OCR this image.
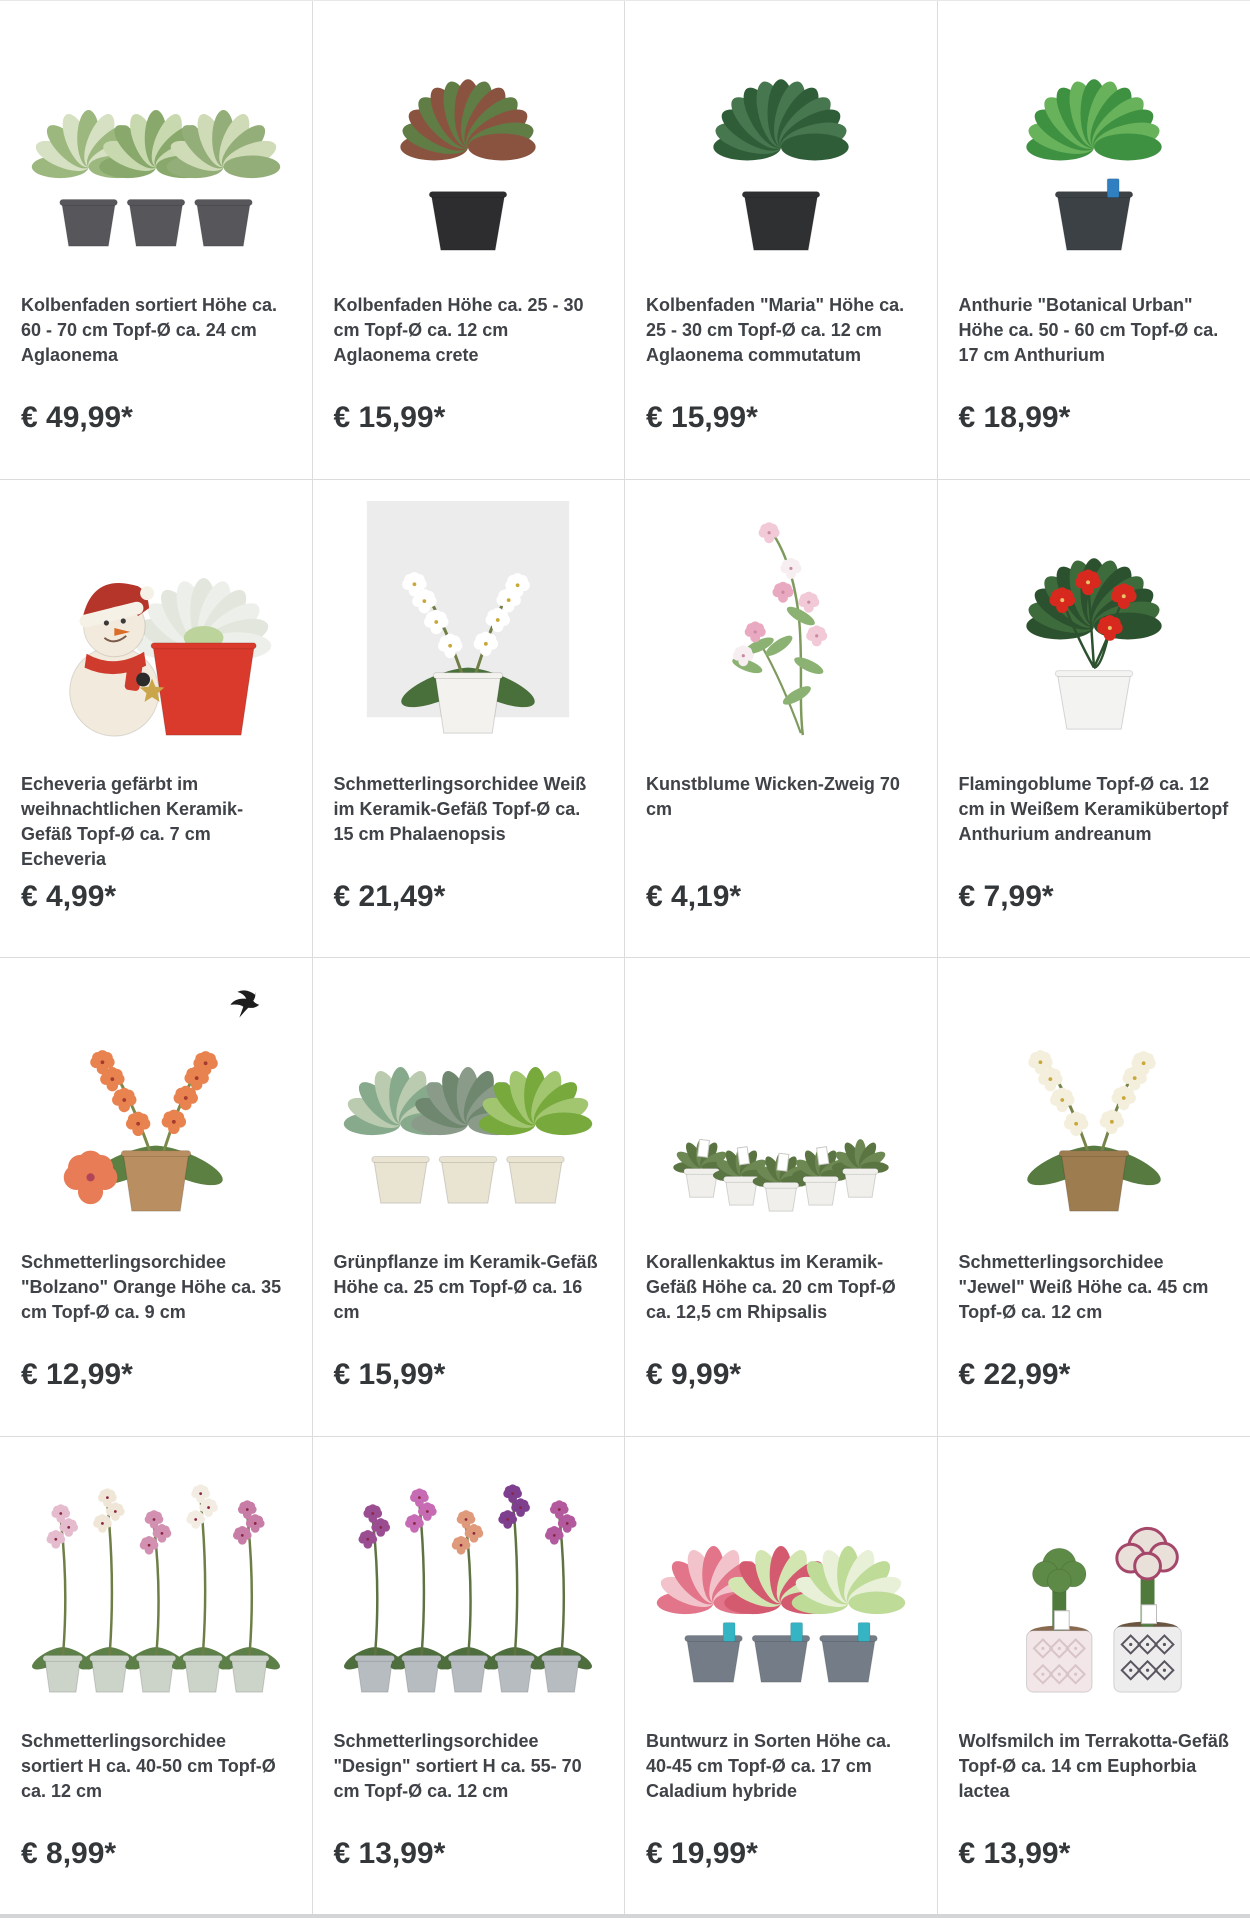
Kolbenfaden sortiert Höhe ca. 60 - 70 cm Topf-Ø ca. 24 cm Aglaonema
€ 49,99*
Kolbenfaden Höhe ca. 25 - 30 cm Topf-Ø ca. 12 cm Aglaonema crete
€ 15,99*
Kolbenfaden "Maria" Höhe ca. 25 - 30 cm Topf-Ø ca. 12 cm Aglaonema commutatum
€ 15,99*
Anthurie "Botanical Urban" Höhe ca. 50 - 60 cm Topf-Ø ca. 17 cm Anthurium
€ 18,99*
Echeveria gefärbt im weihnachtlichen Keramik-Gefäß Topf-Ø ca. 7 cm Echeveria
€ 4,99*
Schmetterlingsorchidee Weiß im Keramik-Gefäß Topf-Ø ca. 15 cm Phalaenopsis
€ 21,49*
Kunstblume Wicken-Zweig 70 cm
€ 4,19*
Flamingoblume Topf-Ø ca. 12 cm in Weißem Keramikübertopf Anthurium andreanum
€ 7,99*
Schmetterlingsorchidee "Bolzano" Orange Höhe ca. 35 cm Topf-Ø ca. 9 cm
€ 12,99*
Grünpflanze im Keramik-Gefäß Höhe ca. 25 cm Topf-Ø ca. 16 cm
€ 15,99*
Korallenkaktus im Keramik-Gefäß Höhe ca. 20 cm Topf-Ø ca. 12,5 cm Rhipsalis
€ 9,99*
Schmetterlingsorchidee "Jewel" Weiß Höhe ca. 45 cm Topf-Ø ca. 12 cm
€ 22,99*
Schmetterlingsorchidee sortiert H ca. 40-50 cm Topf-Ø ca. 12 cm
€ 8,99*
Schmetterlingsorchidee "Design" sortiert H ca. 55- 70 cm Topf-Ø ca. 12 cm
€ 13,99*
Buntwurz in Sorten Höhe ca. 40-45 cm Topf-Ø ca. 17 cm Caladium hybride
€ 19,99*
Wolfsmilch im Terrakotta-Gefäß Topf-Ø ca. 14 cm Euphorbia lactea
€ 13,99*
